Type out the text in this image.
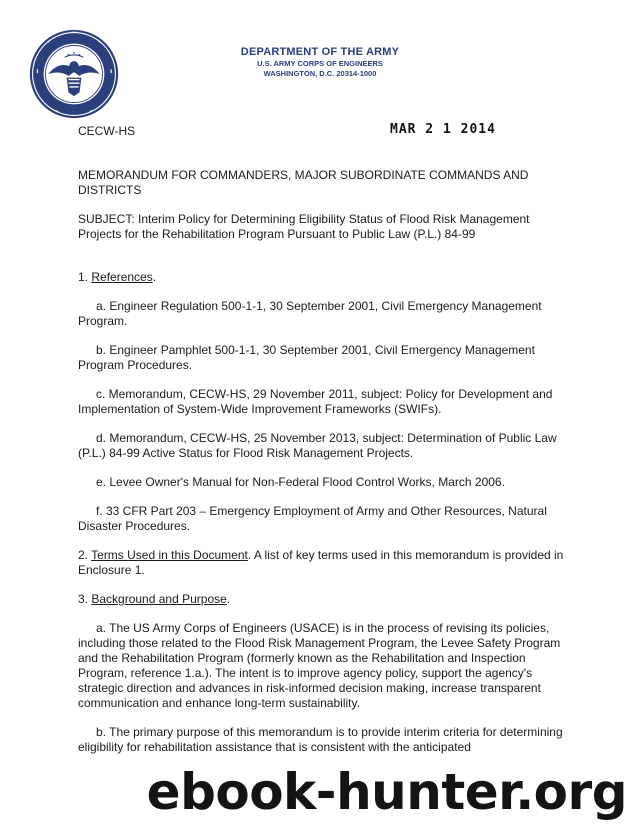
DEPARTMENT OF THE ARMY
U.S. ARMY CORPS OF ENGINEERS
WASHINGTON, D.C. 20314-1000
CECW-HS	MAR 2 1 2014

MEMORANDUM FOR COMMANDERS, MAJOR SUBORDINATE COMMANDS AND DISTRICTS

SUBJECT: Interim Policy for Determining Eligibility Status of Flood Risk Management Projects for the Rehabilitation Program Pursuant to Public Law (P.L.) 84-99

1. References.

a. Engineer Regulation 500-1-1, 30 September 2001, Civil Emergency Management Program.

b. Engineer Pamphlet 500-1-1, 30 September 2001, Civil Emergency Management Program Procedures.

c. Memorandum, CECW-HS, 29 November 2011, subject: Policy for Development and Implementation of System-Wide Improvement Frameworks (SWIFs).

d. Memorandum, CECW-HS, 25 November 2013, subject: Determination of Public Law (P.L.) 84-99 Active Status for Flood Risk Management Projects.

e. Levee Owner's Manual for Non-Federal Flood Control Works, March 2006.

f. 33 CFR Part 203 – Emergency Employment of Army and Other Resources, Natural Disaster Procedures.

2. Terms Used in this Document. A list of key terms used in this memorandum is provided in Enclosure 1.

3. Background and Purpose.

a. The US Army Corps of Engineers (USACE) is in the process of revising its policies, including those related to the Flood Risk Management Program, the Levee Safety Program and the Rehabilitation Program (formerly known as the Rehabilitation and Inspection Program, reference 1.a.). The intent is to improve agency policy, support the agency's strategic direction and advances in risk-informed decision making, increase transparent communication and enhance long-term sustainability.

b. The primary purpose of this memorandum is to provide interim criteria for determining eligibility for rehabilitation assistance that is consistent with the anticipated

ebook-hunter.org
